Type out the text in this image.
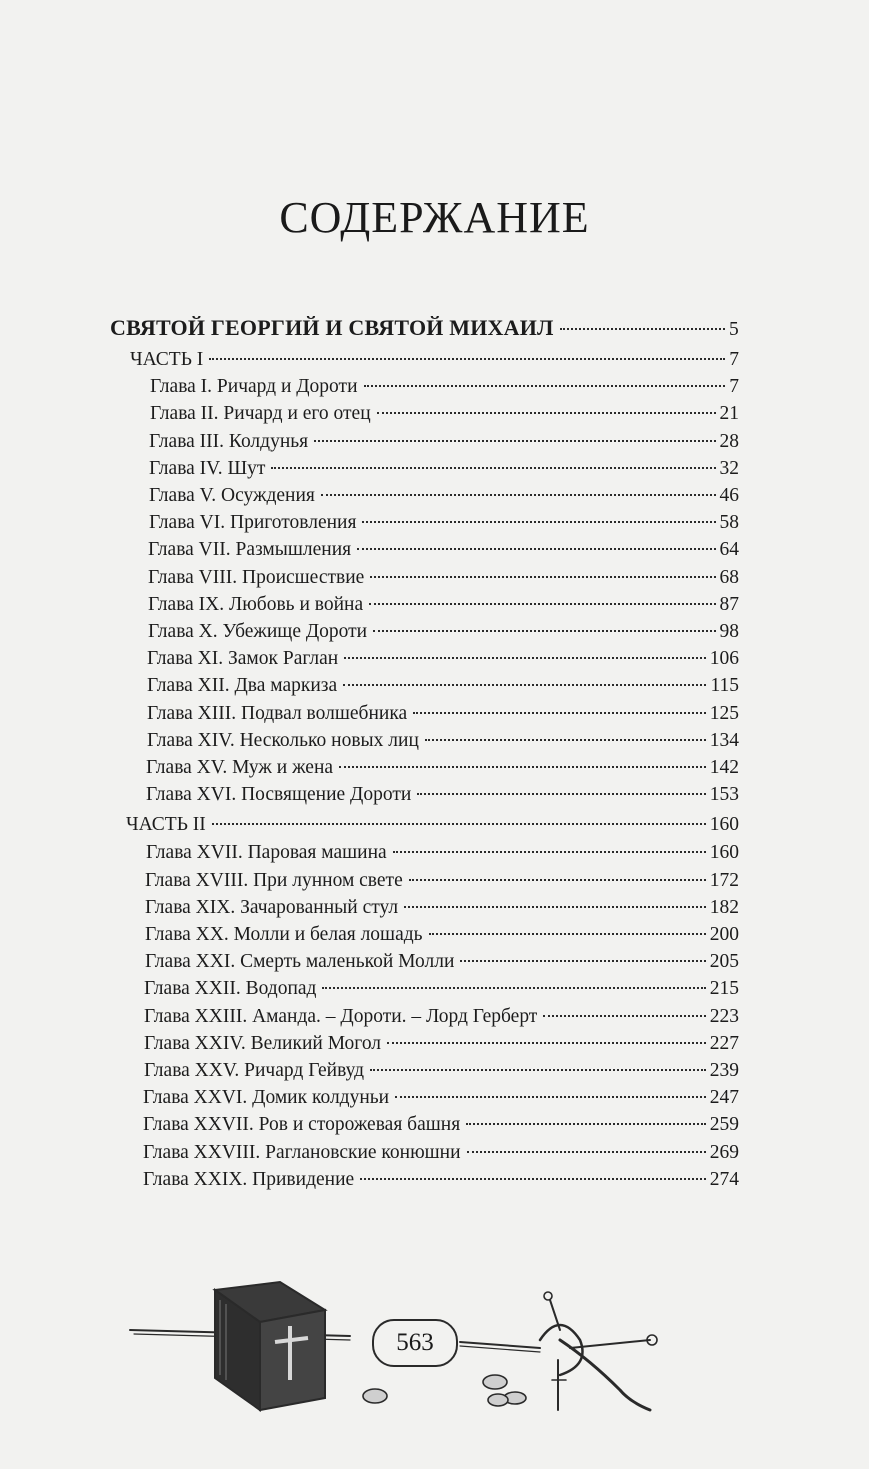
СОДЕРЖАНИЕ
СВЯТОЙ ГЕОРГИЙ И СВЯТОЙ МИХАИЛ	5
ЧАСТЬ I	7
Глава I. Ричард и Дороти	7
Глава II. Ричард и его отец	21
Глава III. Колдунья	28
Глава IV. Шут	32
Глава V. Осуждения	46
Глава VI. Приготовления	58
Глава VII. Размышления	64
Глава VIII. Происшествие	68
Глава IX. Любовь и война	87
Глава X. Убежище Дороти	98
Глава XI. Замок Раглан	106
Глава XII. Два маркиза	115
Глава XIII. Подвал волшебника	125
Глава XIV. Несколько новых лиц	134
Глава XV. Муж и жена	142
Глава XVI. Посвящение Дороти	153
ЧАСТЬ II	160
Глава XVII. Паровая машина	160
Глава XVIII. При лунном свете	172
Глава XIX. Зачарованный стул	182
Глава XX. Молли и белая лошадь	200
Глава XXI. Смерть маленькой Молли	205
Глава XXII. Водопад	215
Глава XXIII. Аманда. – Дороти. – Лорд Герберт	223
Глава XXIV. Великий Могол	227
Глава XXV. Ричард Гейвуд	239
Глава XXVI. Домик колдуньи	247
Глава XXVII. Ров и сторожевая башня	259
Глава XXVIII. Раглановские конюшни	269
Глава XXIX. Привидение	274
563
